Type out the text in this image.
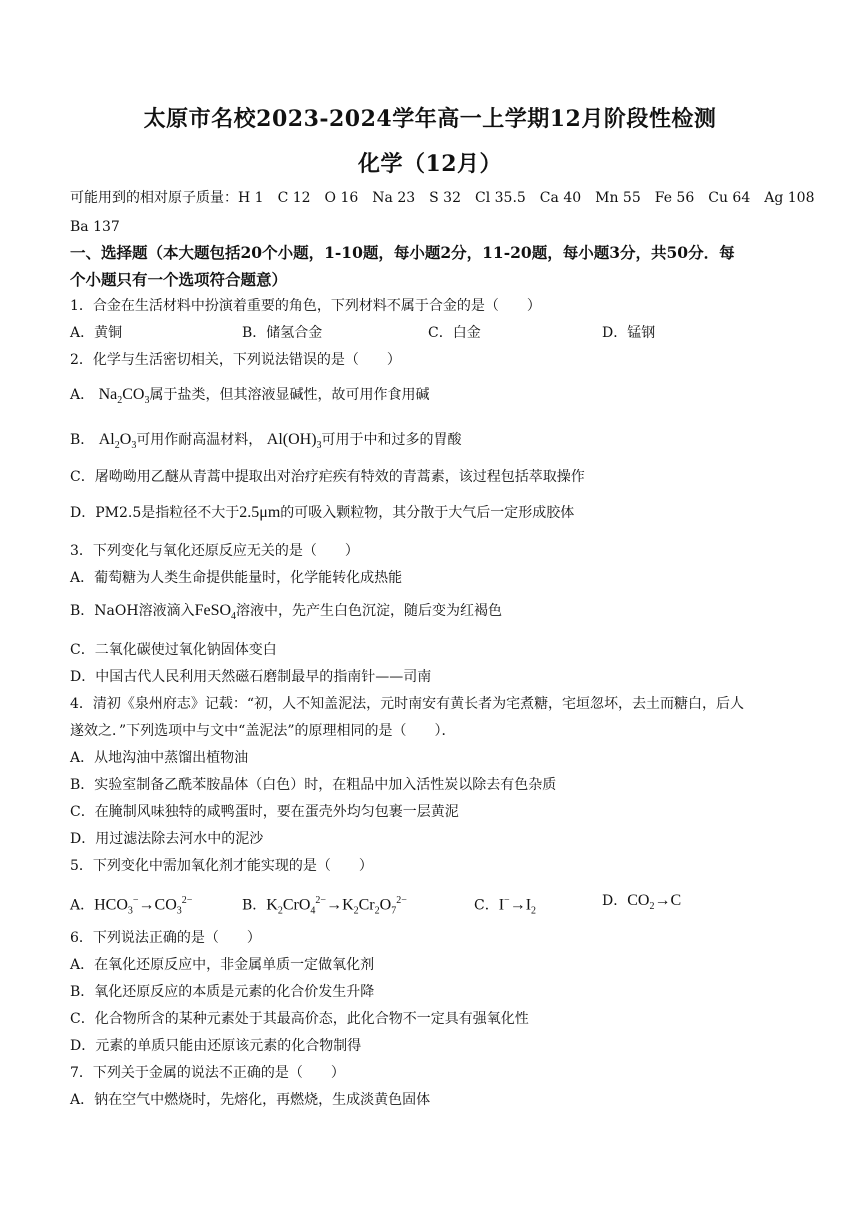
太原市名校2023-2024学年高一上学期12月阶段性检测
化学（12月）
可能用到的相对原子质量：H 1　C 12　O 16　Na 23　S 32　Cl 35.5　Ca 40　Mn 55　Fe 56　Cu 64　Ag 108
Ba 137
一、选择题（本大题包括20个小题，1-10题，每小题2分，11-20题，每小题3分，共50分．每
个小题只有一个选项符合题意）
1．合金在生活材料中扮演着重要的角色，下列材料不属于合金的是（　　）
A．黄铜	B．储氢合金	C．白金	D．锰钢
2．化学与生活密切相关，下列说法错误的是（　　）
A． $Na_2CO_3$属于盐类，但其溶液显碱性，故可用作食用碱
B． $Al_2O_3$可用作耐高温材料， $Al(OH)_3$可用于中和过多的胃酸
C．屠呦呦用乙醚从青蒿中提取出对治疗疟疾有特效的青蒿素，该过程包括萃取操作
D．PM2.5是指粒径不大于2.5μm的可吸入颗粒物，其分散于大气后一定形成胶体
3．下列变化与氧化还原反应无关的是（　　）
A．葡萄糖为人类生命提供能量时，化学能转化成热能
B．NaOH溶液滴入FeSO$_4$溶液中，先产生白色沉淀，随后变为红褐色
C．二氧化碳使过氧化钠固体变白
D．中国古代人民利用天然磁石磨制最早的指南针——司南
4．清初《泉州府志》记载：“初，人不知盖泥法，元时南安有黄长者为宅煮糖，宅垣忽坏，去土而糖白，后人
遂效之．”下列选项中与文中“盖泥法”的原理相同的是（　　）．
A．从地沟油中蒸馏出植物油
B．实验室制备乙酰苯胺晶体（白色）时，在粗品中加入活性炭以除去有色杂质
C．在腌制风味独特的咸鸭蛋时，要在蛋壳外均匀包裹一层黄泥
D．用过滤法除去河水中的泥沙
5．下列变化中需加氧化剂才能实现的是（　　）
A．$HCO_3^-\to CO_3^{2-}$	B．$K_2CrO_4^{2-}\to K_2Cr_2O_7^{2-}$	C．$I^-\to I_2$
D．$CO_2\to C$
6．下列说法正确的是（　　）
A．在氧化还原反应中，非金属单质一定做氧化剂
B．氧化还原反应的本质是元素的化合价发生升降
C．化合物所含的某种元素处于其最高价态，此化合物不一定具有强氧化性
D．元素的单质只能由还原该元素的化合物制得
7．下列关于金属的说法不正确的是（　　）
A．钠在空气中燃烧时，先熔化，再燃烧，生成淡黄色固体
